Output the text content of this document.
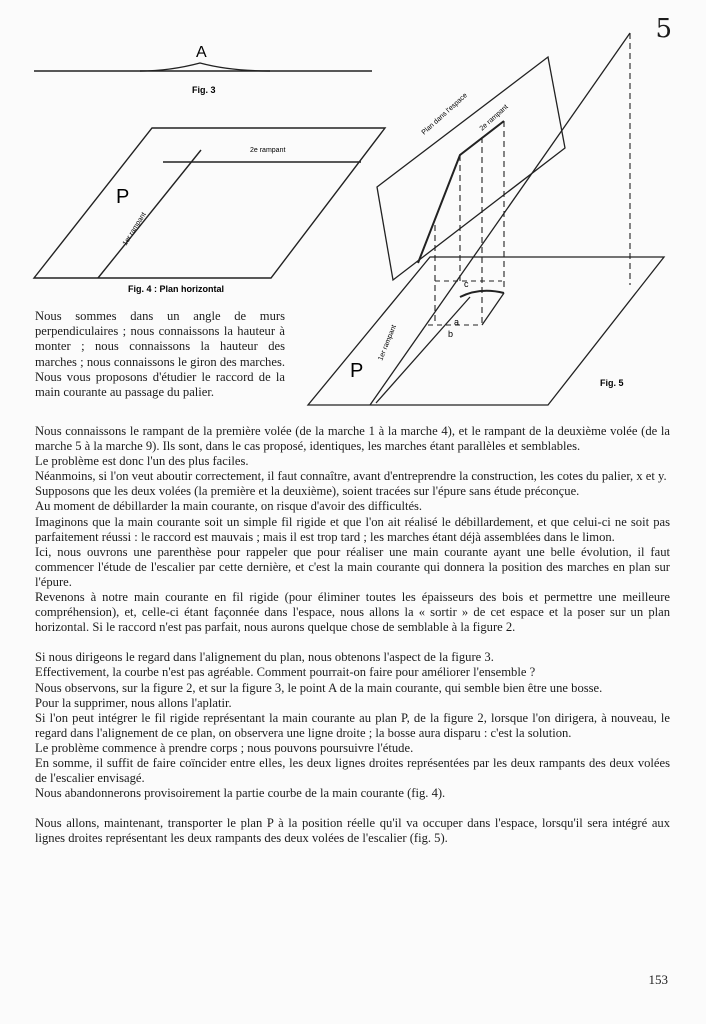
5
A
Fig. 3
P
2e rampant
1er rampant
Fig. 4 : Plan horizontal
Plan dans l'espace 2e rampant
1er rampant
P
c
a
b
Fig. 5

Nous sommes dans un angle de murs perpendiculaires ; nous connaissons la hauteur à monter ; nous connaissons la hauteur des marches ; nous connaissons le giron des marches. Nous vous proposons d'étudier le raccord de la main courante au passage du palier.

Nous connaissons le rampant de la première volée (de la marche 1 à la marche 4), et le rampant de la deuxième volée (de la marche 5 à la marche 9). Ils sont, dans le cas proposé, identiques, les marches étant parallèles et semblables.

Le problème est donc l'un des plus faciles.

Néanmoins, si l'on veut aboutir correctement, il faut connaître, avant d'entreprendre la construction, les cotes du palier, x et y.

Supposons que les deux volées (la première et la deuxième), soient tracées sur l'épure sans étude préconçue.

Au moment de débillarder la main courante, on risque d'avoir des difficultés.

Imaginons que la main courante soit un simple fil rigide et que l'on ait réalisé le débillardement, et que celui-ci ne soit pas parfaitement réussi : le raccord est mauvais ; mais il est trop tard ; les marches étant déjà assemblées dans le limon.

Ici, nous ouvrons une parenthèse pour rappeler que pour réaliser une main courante ayant une belle évolution, il faut commencer l'étude de l'escalier par cette dernière, et c'est la main courante qui donnera la position des marches en plan sur l'épure.

Revenons à notre main courante en fil rigide (pour éliminer toutes les épaisseurs des bois et permettre une meilleure compréhension), et, celle-ci étant façonnée dans l'espace, nous allons la « sortir » de cet espace et la poser sur un plan horizontal. Si le raccord n'est pas parfait, nous aurons quelque chose de semblable à la figure 2.

Si nous dirigeons le regard dans l'alignement du plan, nous obtenons l'aspect de la figure 3.

Effectivement, la courbe n'est pas agréable. Comment pourrait-on faire pour améliorer l'ensemble ?

Nous observons, sur la figure 2, et sur la figure 3, le point A de la main courante, qui semble bien être une bosse.

Pour la supprimer, nous allons l'aplatir.

Si l'on peut intégrer le fil rigide représentant la main courante au plan P, de la figure 2, lorsque l'on dirigera, à nouveau, le regard dans l'alignement de ce plan, on observera une ligne droite ; la bosse aura disparu : c'est la solution.

Le problème commence à prendre corps ; nous pouvons poursuivre l'étude.

En somme, il suffit de faire coïncider entre elles, les deux lignes droites représentées par les deux rampants des deux volées de l'escalier envisagé.

Nous abandonnerons provisoirement la partie courbe de la main courante (fig. 4).

Nous allons, maintenant, transporter le plan P à la position réelle qu'il va occuper dans l'espace, lorsqu'il sera intégré aux lignes droites représentant les deux rampants des deux volées de l'escalier (fig. 5).

153
